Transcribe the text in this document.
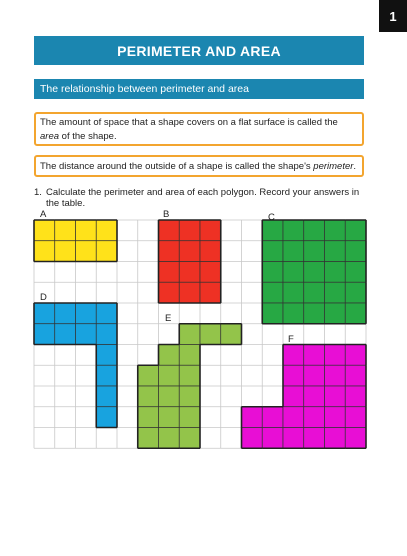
1
PERIMETER AND AREA
The relationship between perimeter and area
The amount of space that a shape covers on a flat surface is called the area of the shape.
The distance around the outside of a shape is called the shape's perimeter.
1. Calculate the perimeter and area of each polygon. Record your answers in the table.
A	B	C
D
E
F
